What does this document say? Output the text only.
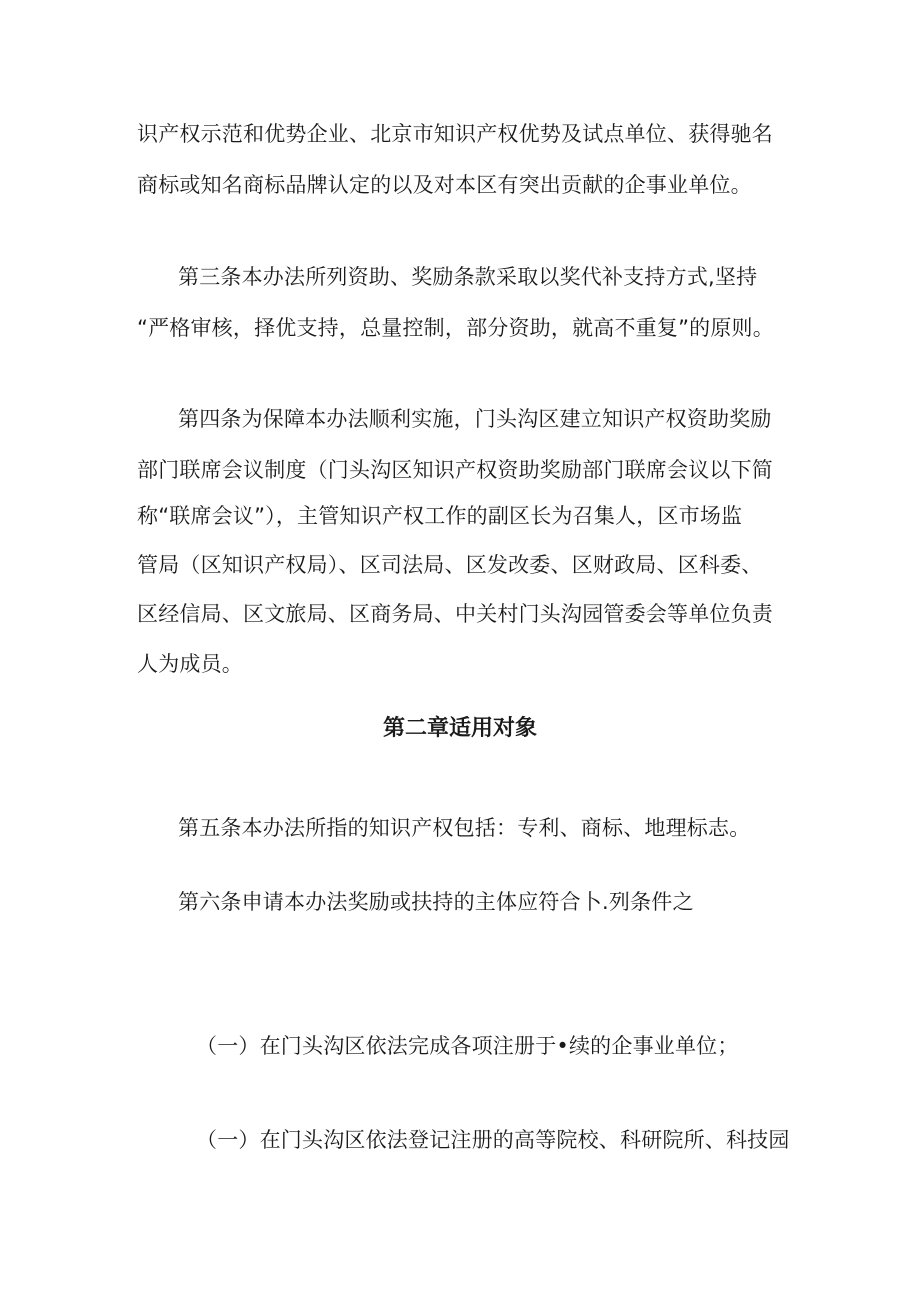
识产权示范和优势企业、北京市知识产权优势及试点单位、获得驰名
商标或知名商标品牌认定的以及对本区有突出贡献的企事业单位。
第三条本办法所列资助、奖励条款采取以奖代补支持方式,坚持
“严格审核，择优支持，总量控制，部分资助，就高不重复”的原则。
第四条为保障本办法顺利实施，门头沟区建立知识产权资助奖励
部门联席会议制度（门头沟区知识产权资助奖励部门联席会议以下简
称“联席会议”），主管知识产权工作的副区长为召集人，区市场监
管局（区知识产权局）、区司法局、区发改委、区财政局、区科委、
区经信局、区文旅局、区商务局、中关村门头沟园管委会等单位负责
人为成员。
第二章适用对象
第五条本办法所指的知识产权包括：专利、商标、地理标志。
第六条申请本办法奖励或扶持的主体应符合卜.列条件之
（一）在门头沟区依法完成各项注册于•续的企事业单位；
（一）在门头沟区依法登记注册的高等院校、科研院所、科技园
